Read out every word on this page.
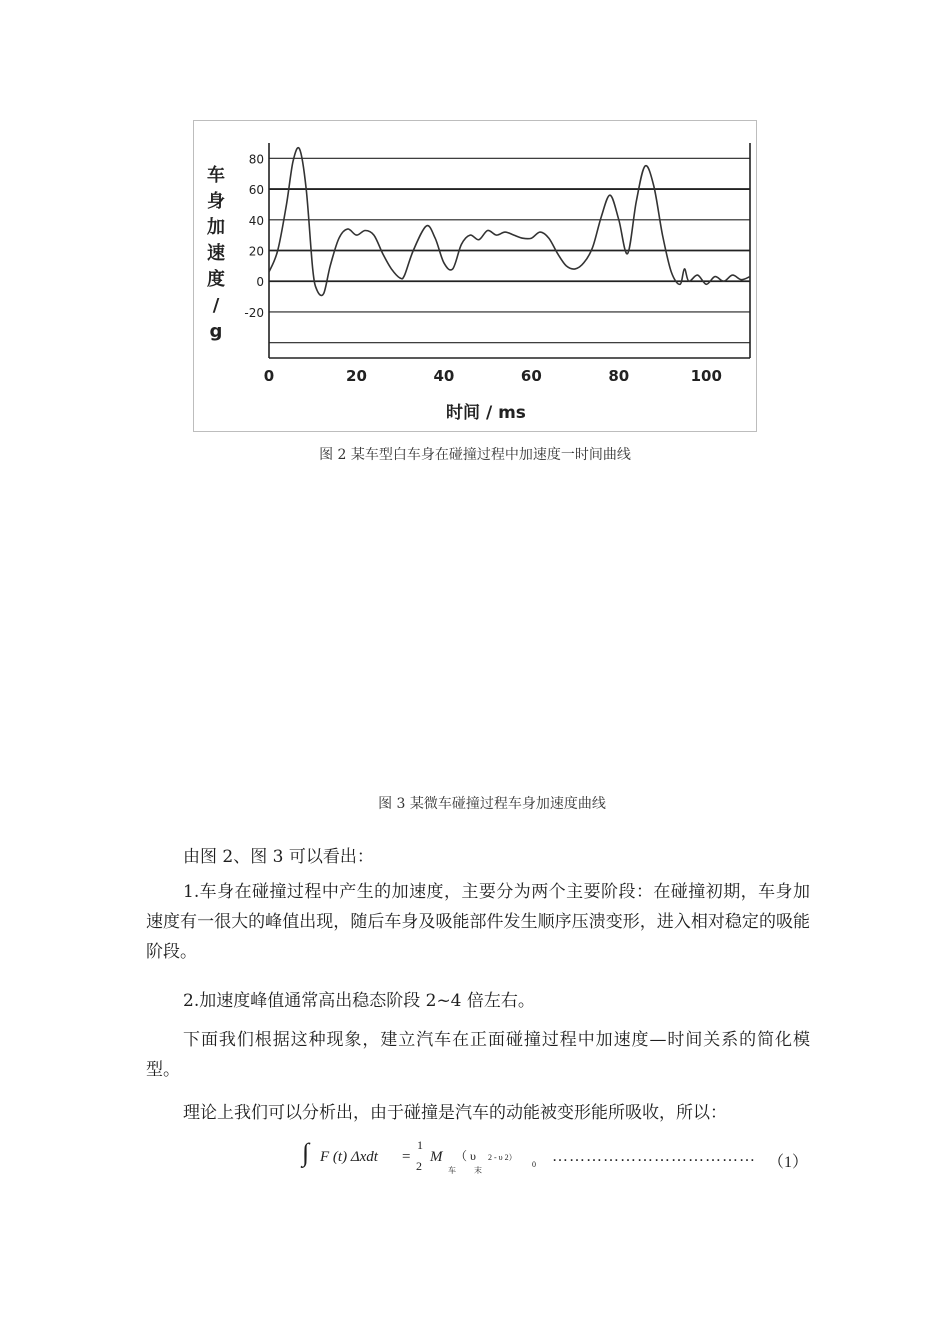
80
60
40
20
0
-20
0	20	40	60	80	100
车
身
加
速
度
/
g
时间 / ms
图 2 某车型白车身在碰撞过程中加速度一时间曲线
图 3 某微车碰撞过程车身加速度曲线
由图 2、图 3 可以看出：
1.车身在碰撞过程中产生的加速度，主要分为两个主要阶段：在碰撞初期，车身加速度有一很大的峰值出现，随后车身及吸能部件发生顺序压溃变形，进入相对稳定的吸能阶段。
2.加速度峰值通常高出稳态阶段 2~4 倍左右。
下面我们根据这种现象，建立汽车在正面碰撞过程中加速度—时间关系的简化模型。
理论上我们可以分析出，由于碰撞是汽车的动能被变形能所吸收，所以：
∫ F (t) Δxdt =
1
2
M
车
（ υ
末
2 - υ 2）
0 ……………………………… （1）
